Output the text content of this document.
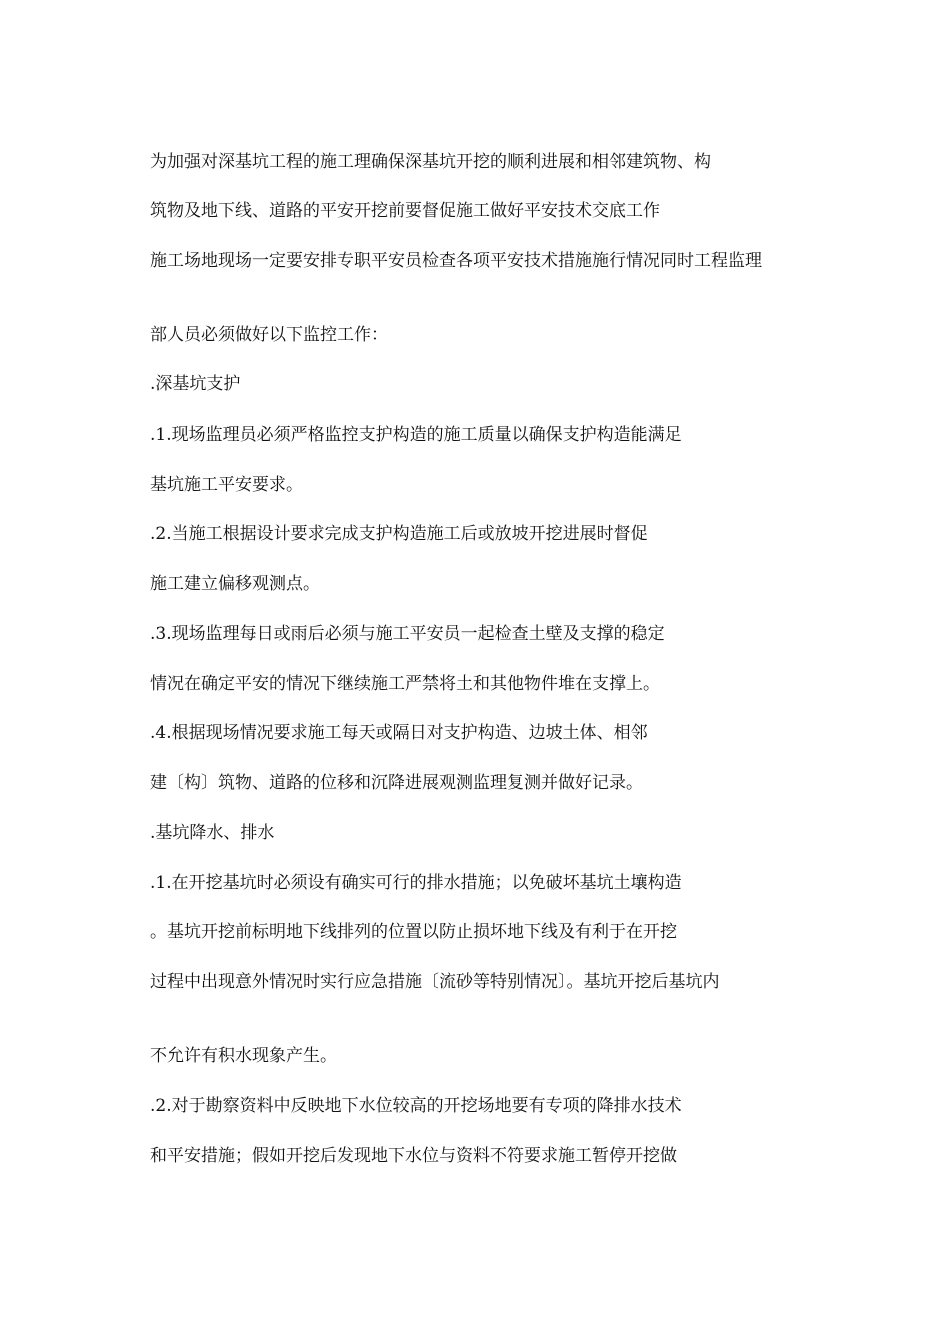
为加强对深基坑工程的施工理确保深基坑开挖的顺利进展和相邻建筑物、构
筑物及地下线、道路的平安开挖前要督促施工做好平安技术交底工作
施工场地现场一定要安排专职平安员检查各项平安技术措施施行情况同时工程监理
部人员必须做好以下监控工作：
.深基坑支护
.1.现场监理员必须严格监控支护构造的施工质量以确保支护构造能满足
基坑施工平安要求。
.2.当施工根据设计要求完成支护构造施工后或放坡开挖进展时督促
施工建立偏移观测点。
.3.现场监理每日或雨后必须与施工平安员一起检查土壁及支撑的稳定
情况在确定平安的情况下继续施工严禁将土和其他物件堆在支撑上。
.4.根据现场情况要求施工每天或隔日对支护构造、边坡土体、相邻
建〔构〕筑物、道路的位移和沉降进展观测监理复测并做好记录。
.基坑降水、排水
.1.在开挖基坑时必须设有确实可行的排水措施；以免破坏基坑土壤构造
。基坑开挖前标明地下线排列的位置以防止损坏地下线及有利于在开挖
过程中出现意外情况时实行应急措施〔流砂等特别情况〕。基坑开挖后基坑内
不允许有积水现象产生。
.2.对于勘察资料中反映地下水位较高的开挖场地要有专项的降排水技术
和平安措施；假如开挖后发现地下水位与资料不符要求施工暂停开挖做
